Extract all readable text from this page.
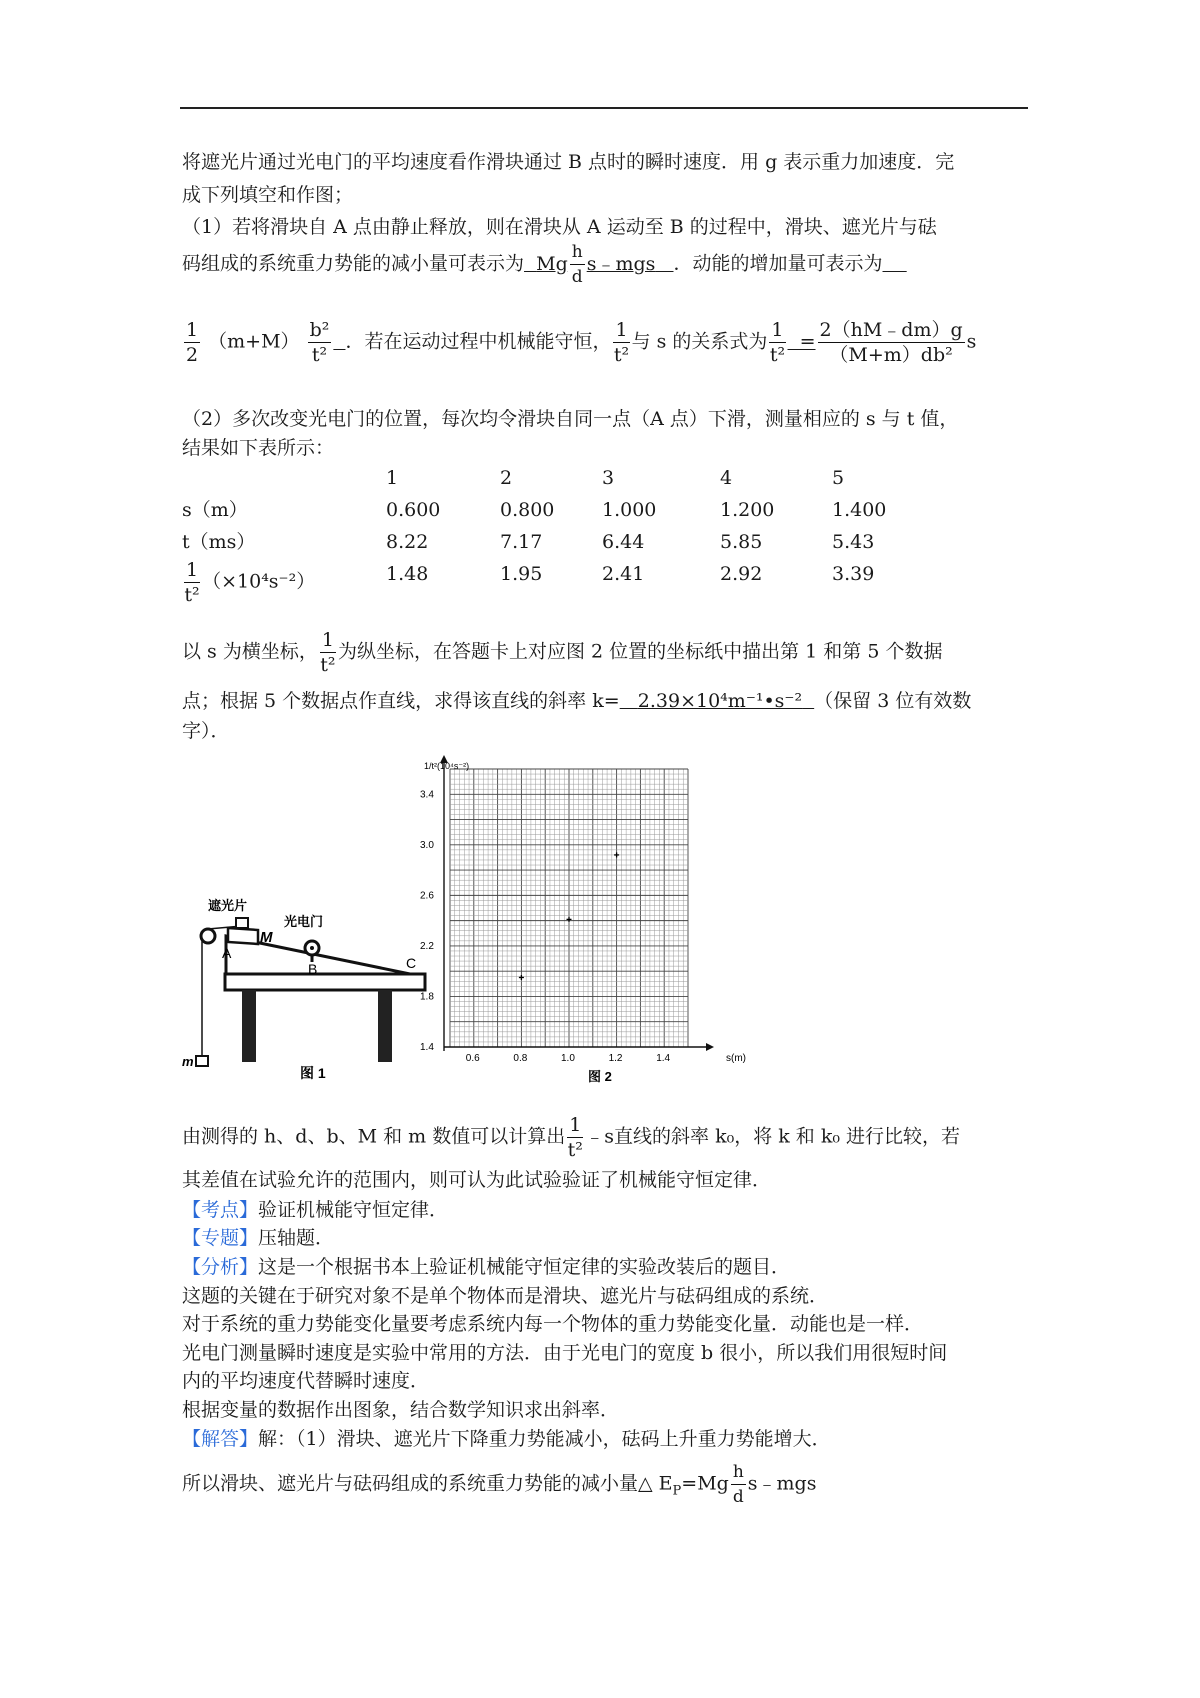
将遮光片通过光电门的平均速度看作滑块通过 B 点时的瞬时速度．用 g 表示重力加速度．完
成下列填空和作图；
（1）若将滑块自 A 点由静止释放，则在滑块从 A 运动至 B 的过程中，滑块、遮光片与砝
码组成的系统重力势能的减小量可表示为 Mg $\frac{h}{d}$ s﹣mgs ．动能的增加量可表示为
$\frac{1}{2} (m+M) \frac{\text{b²}}{\text{t²}}$ ．若在运动过程中机械能守恒， $\frac{1}{\text{t²}}$ 与 s 的关系式为 $\frac{1}{\text{t²}} = \frac{2(hM﹣dm)g}{\text{（M+m）db²}}$ s
（2）多次改变光电门的位置，每次均令滑块自同一点（A 点）下滑，测量相应的 s 与 t 值，
结果如下表所示：
1	2	3	4	5
s（m）	0.600	0.800	1.000	1.200	1.400
t（ms）	8.22	7.17	6.44	5.85	5.43
$\frac{1}{\text{t²}} (\times 10^4s^{-2})$	1.48	1.95	2.41	2.92	3.39
以 s 为横坐标， $\frac{1}{\text{t²}}$ 为纵坐标，在答题卡上对应图 2 位置的坐标纸中描出第 1 和第 5 个数据
点；根据 5 个数据点作直线，求得该直线的斜率 k= 2.39×10⁴m⁻¹•s⁻² （保留 3 位有效数
字）．
遮光片
光电门
M
A
B	C
m
图 1
0.6	0.8	1.0	1.2	1.4
1.4
1.8
2.2
2.6
3.0
3.4
1/t²(10⁴s⁻²)
s(m)
图 2
由测得的 h、d、b、M 和 m 数值可以计算出 $\frac{1}{\text{t²}}$ ﹣s直线的斜率 k₀，将 k 和 k₀ 进行比较，若
其差值在试验允许的范围内，则可认为此试验验证了机械能守恒定律．
【考点】验证机械能守恒定律．
【专题】压轴题．
【分析】这是一个根据书本上验证机械能守恒定律的实验改装后的题目．
这题的关键在于研究对象不是单个物体而是滑块、遮光片与砝码组成的系统．
对于系统的重力势能变化量要考虑系统内每一个物体的重力势能变化量．动能也是一样．
光电门测量瞬时速度是实验中常用的方法．由于光电门的宽度 b 很小，所以我们用很短时间
内的平均速度代替瞬时速度．
根据变量的数据作出图象，结合数学知识求出斜率．
【解答】解：（1）滑块、遮光片下降重力势能减小，砝码上升重力势能增大．
所以滑块、遮光片与砝码组成的系统重力势能的减小量△ $E_P=Mg \frac{h}{d}$ s﹣mgs
